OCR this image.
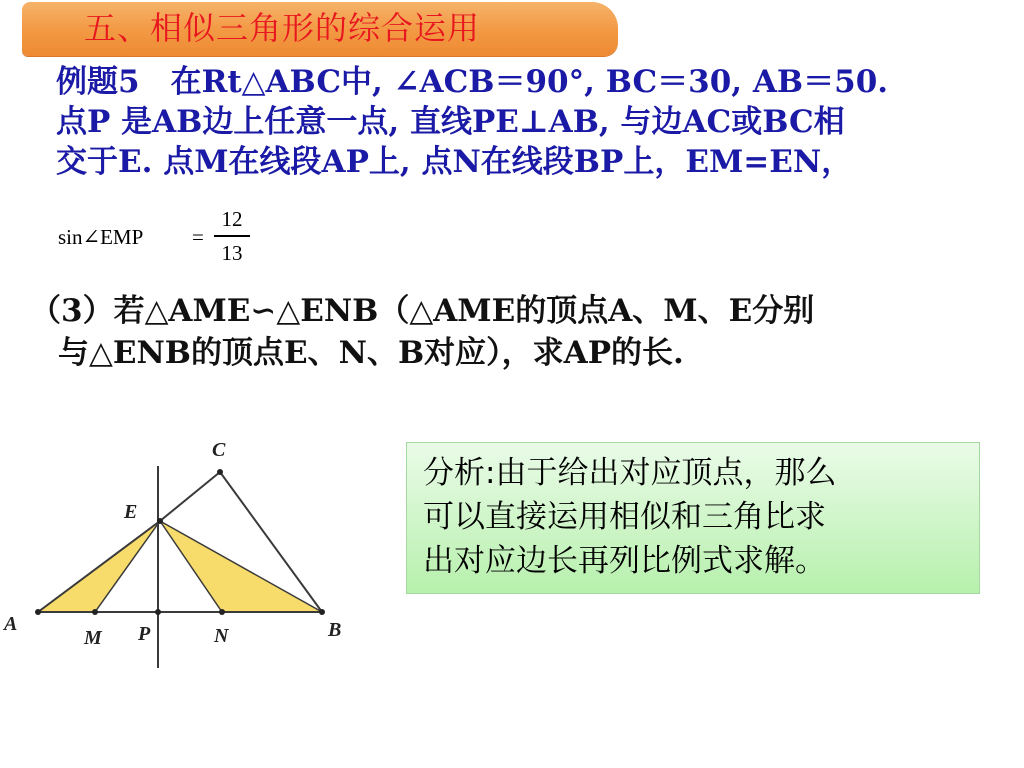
五、相似三角形的综合运用
例题5　在Rt△ABC中, ∠ACB＝90°, BC＝30, AB＝50.
点P 是AB边上任意一点, 直线PE⊥AB, 与边AC或BC相
交于E. 点M在线段AP上, 点N在线段BP上，EM=EN，
sin∠EMP =
12
13
（3）若△AME∽△ENB（△AME的顶点A、M、E分别
与△ENB的顶点E、N、B对应），求AP的长.
C
E
A
M P	N	B
分析:由于给出对应顶点，那么
可以直接运用相似和三角比求
出对应边长再列比例式求解。
